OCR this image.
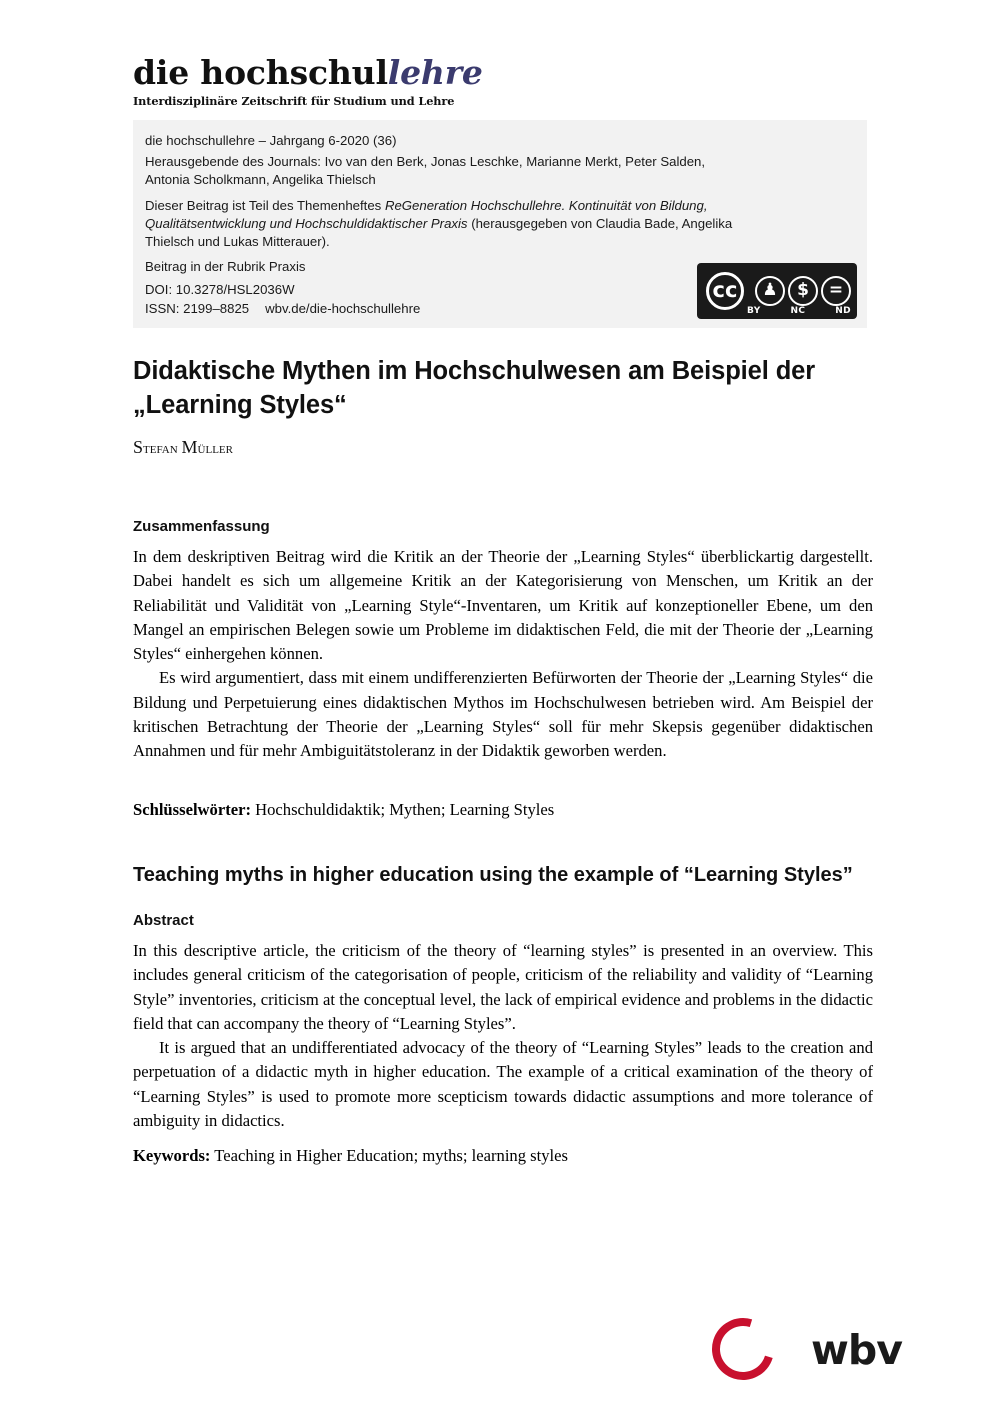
die hochschullehre
Interdisziplinäre Zeitschrift für Studium und Lehre

die hochschullehre – Jahrgang 6-2020 (36)

Herausgebende des Journals: Ivo van den Berk, Jonas Leschke, Marianne Merkt, Peter Salden, Antonia Scholkmann, Angelika Thielsch

Dieser Beitrag ist Teil des Themenheftes ReGeneration Hochschullehre. Kontinuität von Bildung, Qualitätsentwicklung und Hochschuldidaktischer Praxis (herausgegeben von Claudia Bade, Angelika Thielsch und Lukas Mitterauer).

Beitrag in der Rubrik Praxis

DOI: 10.3278/HSL2036W
ISSN: 2199–8825 wbv.de/die-hochschullehre
cc	♟	$	=
BY	NC	ND
Didaktische Mythen im Hochschulwesen am Beispiel der „Learning Styles“
Stefan Müller
Zusammenfassung

In dem deskriptiven Beitrag wird die Kritik an der Theorie der „Learning Styles“ überblickartig dargestellt. Dabei handelt es sich um allgemeine Kritik an der Kategorisierung von Menschen, um Kritik an der Reliabilität und Validität von „Learning Style“-Inventaren, um Kritik auf konzeptioneller Ebene, um den Mangel an empirischen Belegen sowie um Probleme im didaktischen Feld, die mit der Theorie der „Learning Styles“ einhergehen können.

Es wird argumentiert, dass mit einem undifferenzierten Befürworten der Theorie der „Learning Styles“ die Bildung und Perpetuierung eines didaktischen Mythos im Hochschulwesen betrieben wird. Am Beispiel der kritischen Betrachtung der Theorie der „Learning Styles“ soll für mehr Skepsis gegenüber didaktischen Annahmen und für mehr Ambiguitätstoleranz in der Didaktik geworben werden.

Schlüsselwörter: Hochschuldidaktik; Mythen; Learning Styles

Teaching myths in higher education using the example of “Learning Styles”
Abstract

In this descriptive article, the criticism of the theory of “learning styles” is presented in an overview. This includes general criticism of the categorisation of people, criticism of the reliability and validity of “Learning Style” inventories, criticism at the conceptual level, the lack of empirical evidence and problems in the didactic field that can accompany the theory of “Learning Styles”.

It is argued that an undifferentiated advocacy of the theory of “Learning Styles” leads to the creation and perpetuation of a didactic myth in higher education. The example of a critical examination of the theory of “Learning Styles” is used to promote more scepticism towards didactic assumptions and more tolerance of ambiguity in didactics.

Keywords: Teaching in Higher Education; myths; learning styles

wbv
